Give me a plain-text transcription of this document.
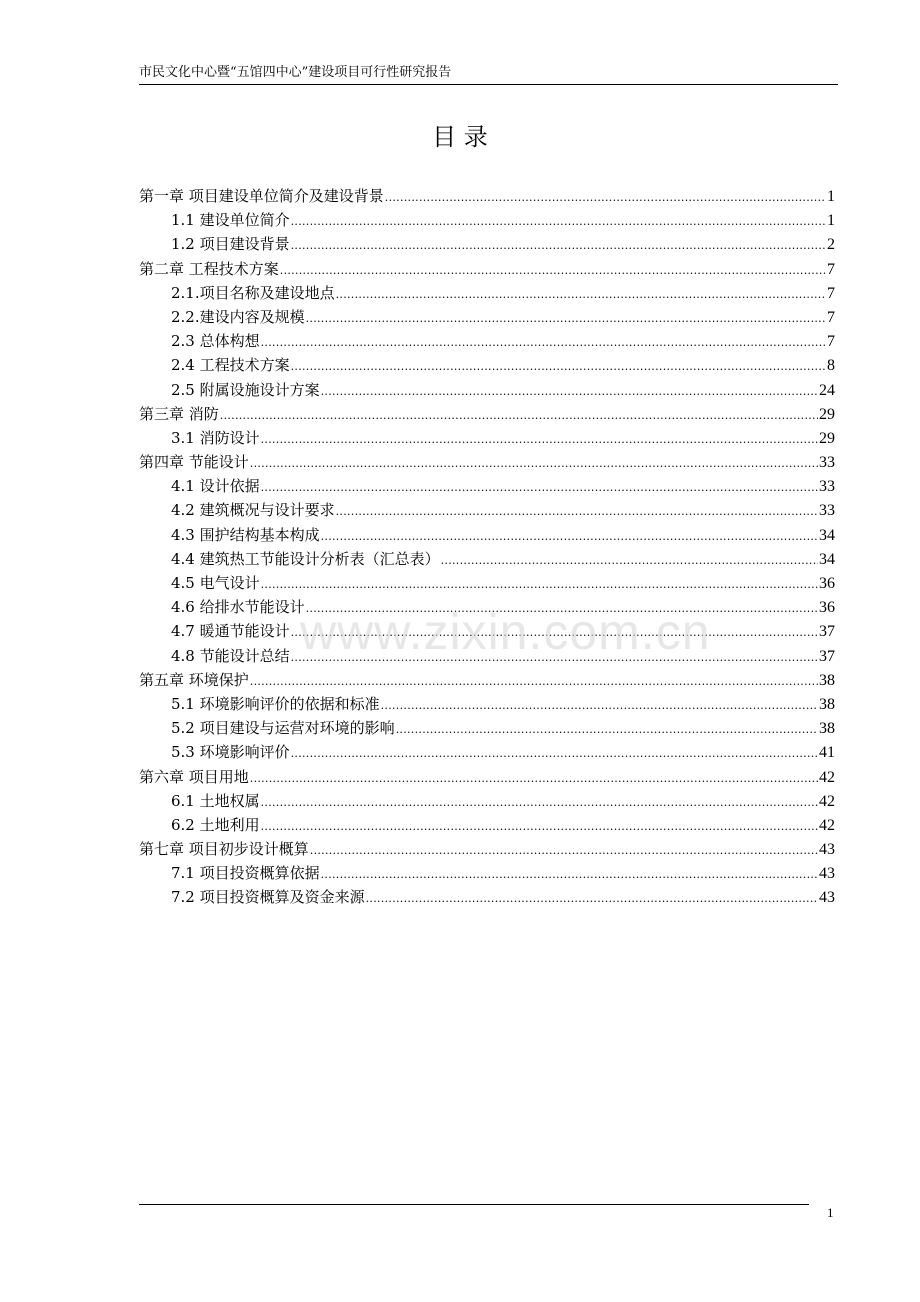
市民文化中心暨“五馆四中心”建设项目可行性研究报告
目 录
第一章 项目建设单位简介及建设背景 .....	1
1.1 建设单位简介 .....	1
1.2 项目建设背景 .....	2
第二章 工程技术方案 .....	7
2.1.项目名称及建设地点 .....	7
2.2.建设内容及规模 .....	7
2.3 总体构想 .....	7
2.4 工程技术方案 .....	8
2.5 附属设施设计方案 .....	24
第三章 消防 .....	29
3.1 消防设计 .....	29
第四章 节能设计 .....	33
4.1 设计依据 .....	33
4.2 建筑概况与设计要求 .....	33
4.3 围护结构基本构成 .....	34
4.4 建筑热工节能设计分析表（汇总表） .....	34
4.5 电气设计 .....	36
4.6 给排水节能设计 .....	36
4.7 暖通节能设计 .....	37
4.8 节能设计总结 .....	37
第五章 环境保护 .....	38
5.1 环境影响评价的依据和标准 .....	38
5.2 项目建设与运营对环境的影响 .....	38
5.3 环境影响评价 .....	41
第六章 项目用地 .....	42
6.1 土地权属 .....	42
6.2 土地利用 .....	42
第七章 项目初步设计概算 .....	43
7.1 项目投资概算依据 .....	43
7.2 项目投资概算及资金来源 .....	43
www.zixin.com.cn
1
